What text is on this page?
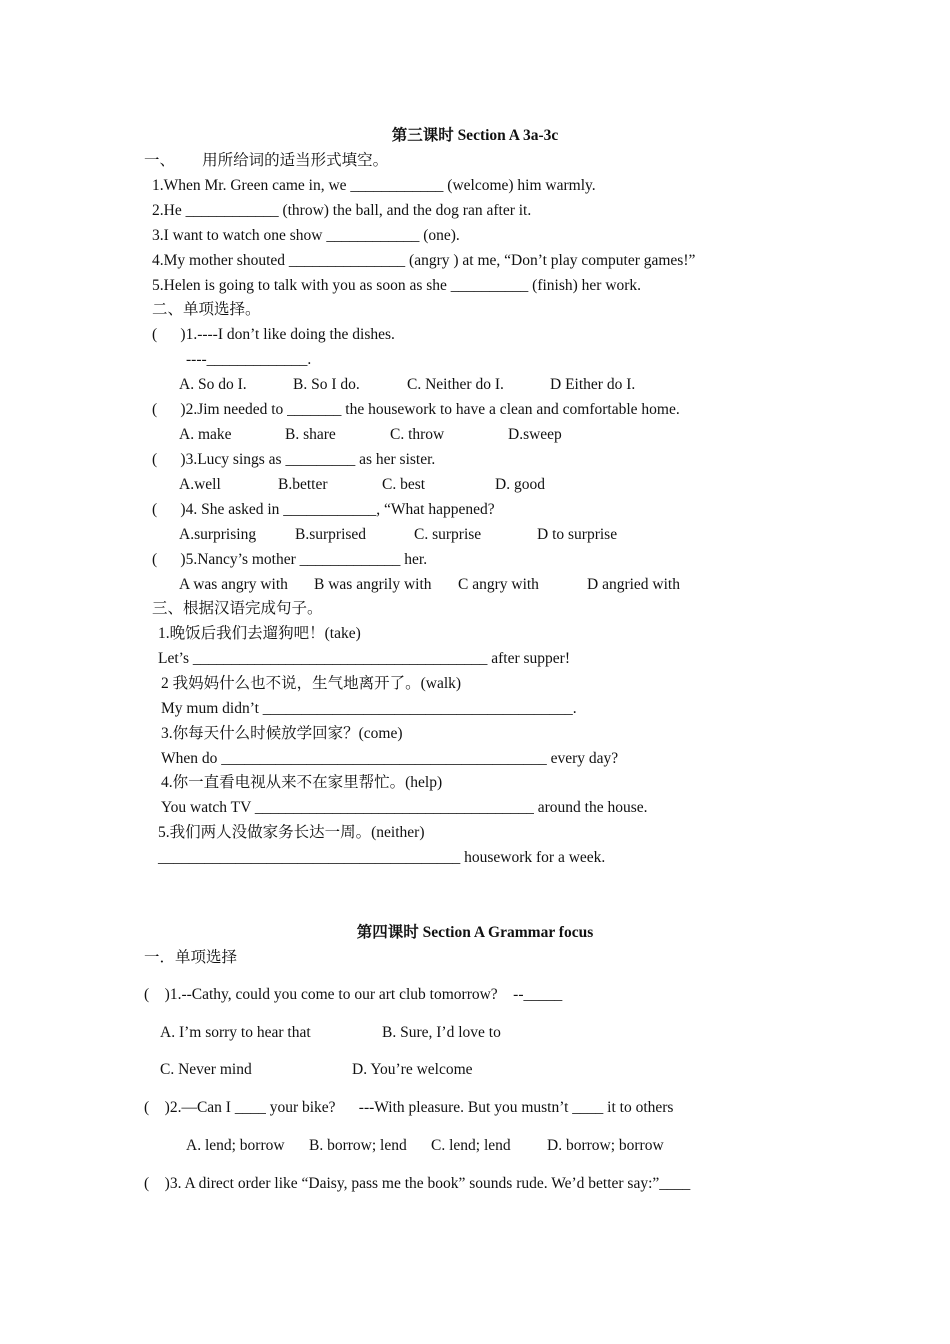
第三课时 Section A 3a-3c
一、       用所给词的适当形式填空。
1.When Mr. Green came in, we ____________ (welcome) him warmly.
2.He ____________ (throw) the ball, and the dog ran after it.
3.I want to watch one show ____________ (one).
4.My mother shouted _______________ (angry ) at me, “Don’t play computer games!”
5.Helen is going to talk with you as soon as she __________ (finish) her work.
二、单项选择。
(      )1.----I don’t like doing the dishes.
----_____________.
A. So do I.	B. So I do.	C. Neither do I.	D Either do I.
(      )2.Jim needed to _______ the housework to have a clean and comfortable home.
A. make	B. share	C. throw	D.sweep
(      )3.Lucy sings as _________ as her sister.
A.well	B.better	C. best	D. good
(      )4. She asked in ____________, “What happened?
A.surprising	B.surprised	C. surprise	D to surprise
(      )5.Nancy’s mother _____________ her.
A was angry with B was angrily with C angry with	D angried with
三、根据汉语完成句子。
1.晚饭后我们去遛狗吧！(take)
Let’s ______________________________________ after supper!
2 我妈妈什么也不说，生气地离开了。(walk)
My mum didn’t ________________________________________.
3.你每天什么时候放学回家？(come)
When do __________________________________________ every day?
4.你一直看电视从来不在家里帮忙。(help)
You watch TV ____________________________________ around the house.
5.我们两人没做家务长达一周。(neither)
_______________________________________ housework for a week.
第四课时 Section A Grammar focus
一．单项选择
(    )1.--Cathy, could you come to our art club tomorrow?    --_____
A. I’m sorry to hear that	B. Sure, I’d love to
C. Never mind	D. You’re welcome
(    )2.—Can I ____ your bike?      ---With pleasure. But you mustn’t ____ it to others
A. lend; borrow B. borrow; lend C. lend; lend D. borrow; borrow
(    )3. A direct order like “Daisy, pass me the book” sounds rude. We’d better say:”____
